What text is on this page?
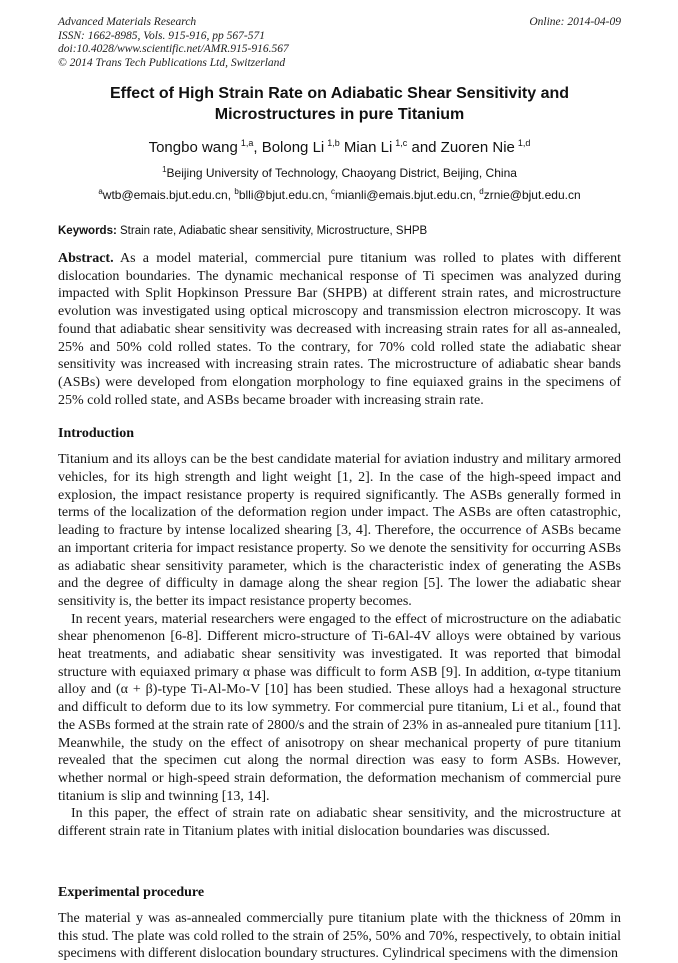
Advanced Materials Research
ISSN: 1662-8985, Vols. 915-916, pp 567-571
doi:10.4028/www.scientific.net/AMR.915-916.567
© 2014 Trans Tech Publications Ltd, Switzerland
Online: 2014-04-09
Effect of High Strain Rate on Adiabatic Shear Sensitivity and
Microstructures in pure Titanium
Tongbo wang $^{1,a}$, Bolong Li $^{1,b}$ Mian Li $^{1,c}$ and Zuoren Nie $^{1,d}$
$^1$Beijing University of Technology, Chaoyang District, Beijing, China
$^a$wtb@emais.bjut.edu.cn, $^b$blli@bjut.edu.cn, $^c$mianli@emais.bjut.edu.cn, $^d$zrnie@bjut.edu.cn
Keywords: Strain rate, Adiabatic shear sensitivity, Microstructure, SHPB
Abstract. As a model material, commercial pure titanium was rolled to plates with different dislocation boundaries. The dynamic mechanical response of Ti specimen was analyzed during impacted with Split Hopkinson Pressure Bar (SHPB) at different strain rates, and microstructure evolution was investigated using optical microscopy and transmission electron microscopy. It was found that adiabatic shear sensitivity was decreased with increasing strain rates for all as-annealed, 25% and 50% cold rolled states. To the contrary, for 70% cold rolled state the adiabatic shear sensitivity was increased with increasing strain rates. The microstructure of adiabatic shear bands (ASBs) were developed from elongation morphology to fine equiaxed grains in the specimens of 25% cold rolled state, and ASBs became broader with increasing strain rate.
Introduction

Titanium and its alloys can be the best candidate material for aviation industry and military armored vehicles, for its high strength and light weight [1, 2]. In the case of the high-speed impact and explosion, the impact resistance property is required significantly. The ASBs generally formed in terms of the localization of the deformation region under impact. The ASBs are often catastrophic, leading to fracture by intense localized shearing [3, 4]. Therefore, the occurrence of ASBs became an important criteria for impact resistance property. So we denote the sensitivity for occurring ASBs as adiabatic shear sensitivity parameter, which is the characteristic index of generating the ASBs and the degree of difficulty in damage along the shear region [5]. The lower the adiabatic shear sensitivity is, the better its impact resistance property becomes.

In recent years, material researchers were engaged to the effect of microstructure on the adiabatic shear phenomenon [6-8]. Different micro-structure of Ti-6Al-4V alloys were obtained by various heat treatments, and adiabatic shear sensitivity was investigated. It was reported that bimodal structure with equiaxed primary α phase was difficult to form ASB [9]. In addition, α-type titanium alloy and (α + β)-type Ti-Al-Mo-V [10] has been studied. These alloys had a hexagonal structure and difficult to deform due to its low symmetry. For commercial pure titanium, Li et al., found that the ASBs formed at the strain rate of 2800/s and the strain of 23% in as-annealed pure titanium [11]. Meanwhile, the study on the effect of anisotropy on shear mechanical property of pure titanium revealed that the specimen cut along the normal direction was easy to form ASBs. However, whether normal or high-speed strain deformation, the deformation mechanism of commercial pure titanium is slip and twinning [13, 14].

In this paper, the effect of strain rate on adiabatic shear sensitivity, and the microstructure at different strain rate in Titanium plates with initial dislocation boundaries was discussed.

Experimental procedure

The material y was as-annealed commercially pure titanium plate with the thickness of 20mm in this stud. The plate was cold rolled to the strain of 25%, 50% and 70%, respectively, to obtain initial specimens with different dislocation boundary structures. Cylindrical specimens with the dimension
